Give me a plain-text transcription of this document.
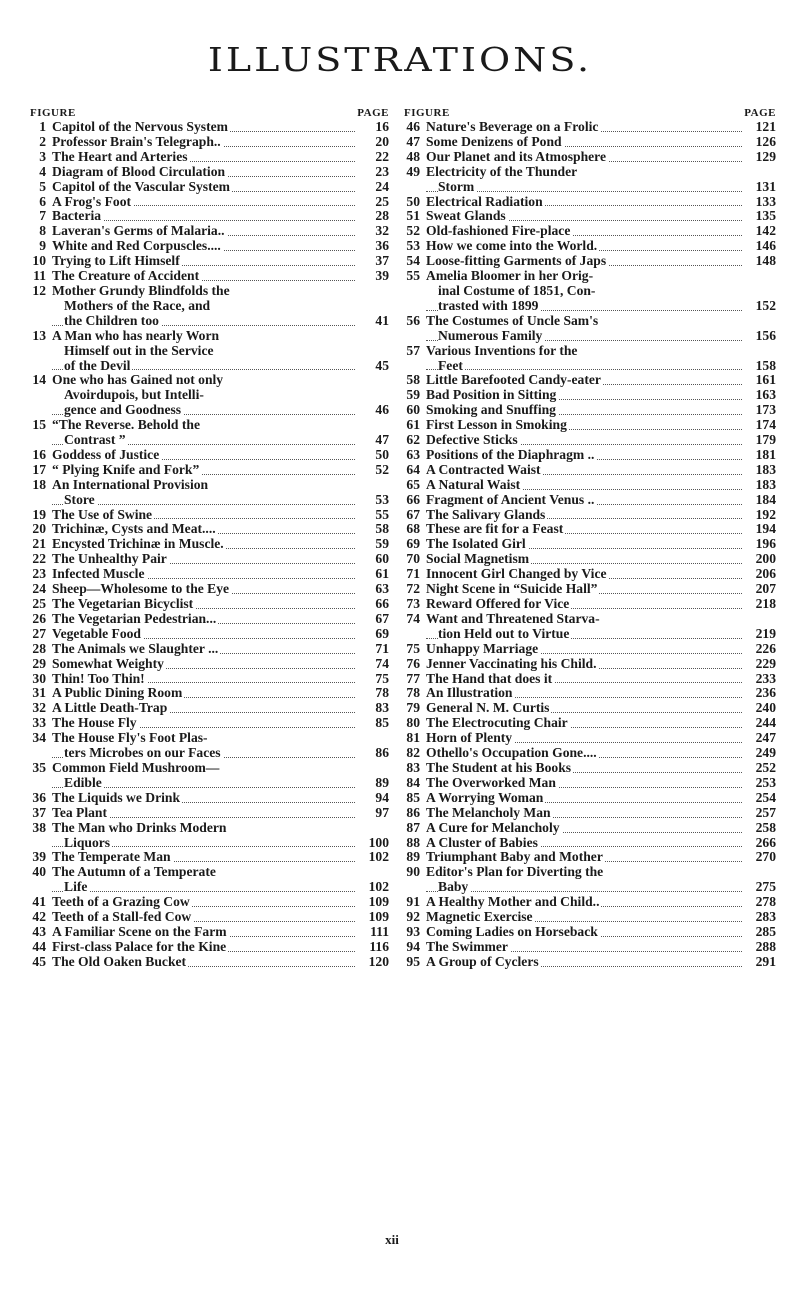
ILLUSTRATIONS.
FIGURE	PAGE
1 Capitol of the Nervous System	16
2 Professor Brain's Telegraph..	20
3 The Heart and Arteries	22
4 Diagram of Blood Circulation	23
5 Capitol of the Vascular System	24
6 A Frog's Foot	25
7 Bacteria	28
8 Laveran's Germs of Malaria..	32
9 White and Red Corpuscles....	36
10 Trying to Lift Himself	37
11 The Creature of Accident	39
12 Mother Grundy Blindfolds the
Mothers of the Race, and
the Children too	41
13 A Man who has nearly Worn
Himself out in the Service
of the Devil	45
14 One who has Gained not only
Avoirdupois, but Intelli-
gence and Goodness	46
15 “The Reverse. Behold the
Contrast ”	47
16 Goddess of Justice	50
17 “ Plying Knife and Fork”	52
18 An International Provision
Store	53
19 The Use of Swine	55
20 Trichinæ, Cysts and Meat....	58
21 Encysted Trichinæ in Muscle.	59
22 The Unhealthy Pair	60
23 Infected Muscle	61
24 Sheep—Wholesome to the Eye	63
25 The Vegetarian Bicyclist	66
26 The Vegetarian Pedestrian...	67
27 Vegetable Food	69
28 The Animals we Slaughter ...	71
29 Somewhat Weighty	74
30 Thin! Too Thin!	75
31 A Public Dining Room	78
32 A Little Death-Trap	83
33 The House Fly	85
34 The House Fly's Foot Plas-
ters Microbes on our Faces	86
35 Common Field Mushroom—
Edible	89
36 The Liquids we Drink	94
37 Tea Plant	97
38 The Man who Drinks Modern
Liquors	100
39 The Temperate Man	102
40 The Autumn of a Temperate
Life	102
41 Teeth of a Grazing Cow	109
42 Teeth of a Stall-fed Cow	109
43 A Familiar Scene on the Farm	111
44 First-class Palace for the Kine	116
45 The Old Oaken Bucket	120
FIGURE	PAGE
46 Nature's Beverage on a Frolic	121
47 Some Denizens of Pond	126
48 Our Planet and its Atmosphere	129
49 Electricity of the Thunder
Storm	131
50 Electrical Radiation	133
51 Sweat Glands	135
52 Old-fashioned Fire-place	142
53 How we come into the World.	146
54 Loose-fitting Garments of Japs	148
55 Amelia Bloomer in her Orig-
inal Costume of 1851, Con-
trasted with 1899	152
56 The Costumes of Uncle Sam's
Numerous Family	156
57 Various Inventions for the
Feet	158
58 Little Barefooted Candy-eater	161
59 Bad Position in Sitting	163
60 Smoking and Snuffing	173
61 First Lesson in Smoking	174
62 Defective Sticks	179
63 Positions of the Diaphragm ..	181
64 A Contracted Waist	183
65 A Natural Waist	183
66 Fragment of Ancient Venus ..	184
67 The Salivary Glands	192
68 These are fit for a Feast	194
69 The Isolated Girl	196
70 Social Magnetism	200
71 Innocent Girl Changed by Vice	206
72 Night Scene in “Suicide Hall”	207
73 Reward Offered for Vice	218
74 Want and Threatened Starva-
tion Held out to Virtue	219
75 Unhappy Marriage	226
76 Jenner Vaccinating his Child.	229
77 The Hand that does it	233
78 An Illustration	236
79 General N. M. Curtis	240
80 The Electrocuting Chair	244
81 Horn of Plenty	247
82 Othello's Occupation Gone....	249
83 The Student at his Books	252
84 The Overworked Man	253
85 A Worrying Woman	254
86 The Melancholy Man	257
87 A Cure for Melancholy	258
88 A Cluster of Babies	266
89 Triumphant Baby and Mother	270
90 Editor's Plan for Diverting the
Baby	275
91 A Healthy Mother and Child..	278
92 Magnetic Exercise	283
93 Coming Ladies on Horseback	285
94 The Swimmer	288
95 A Group of Cyclers	291
xii
